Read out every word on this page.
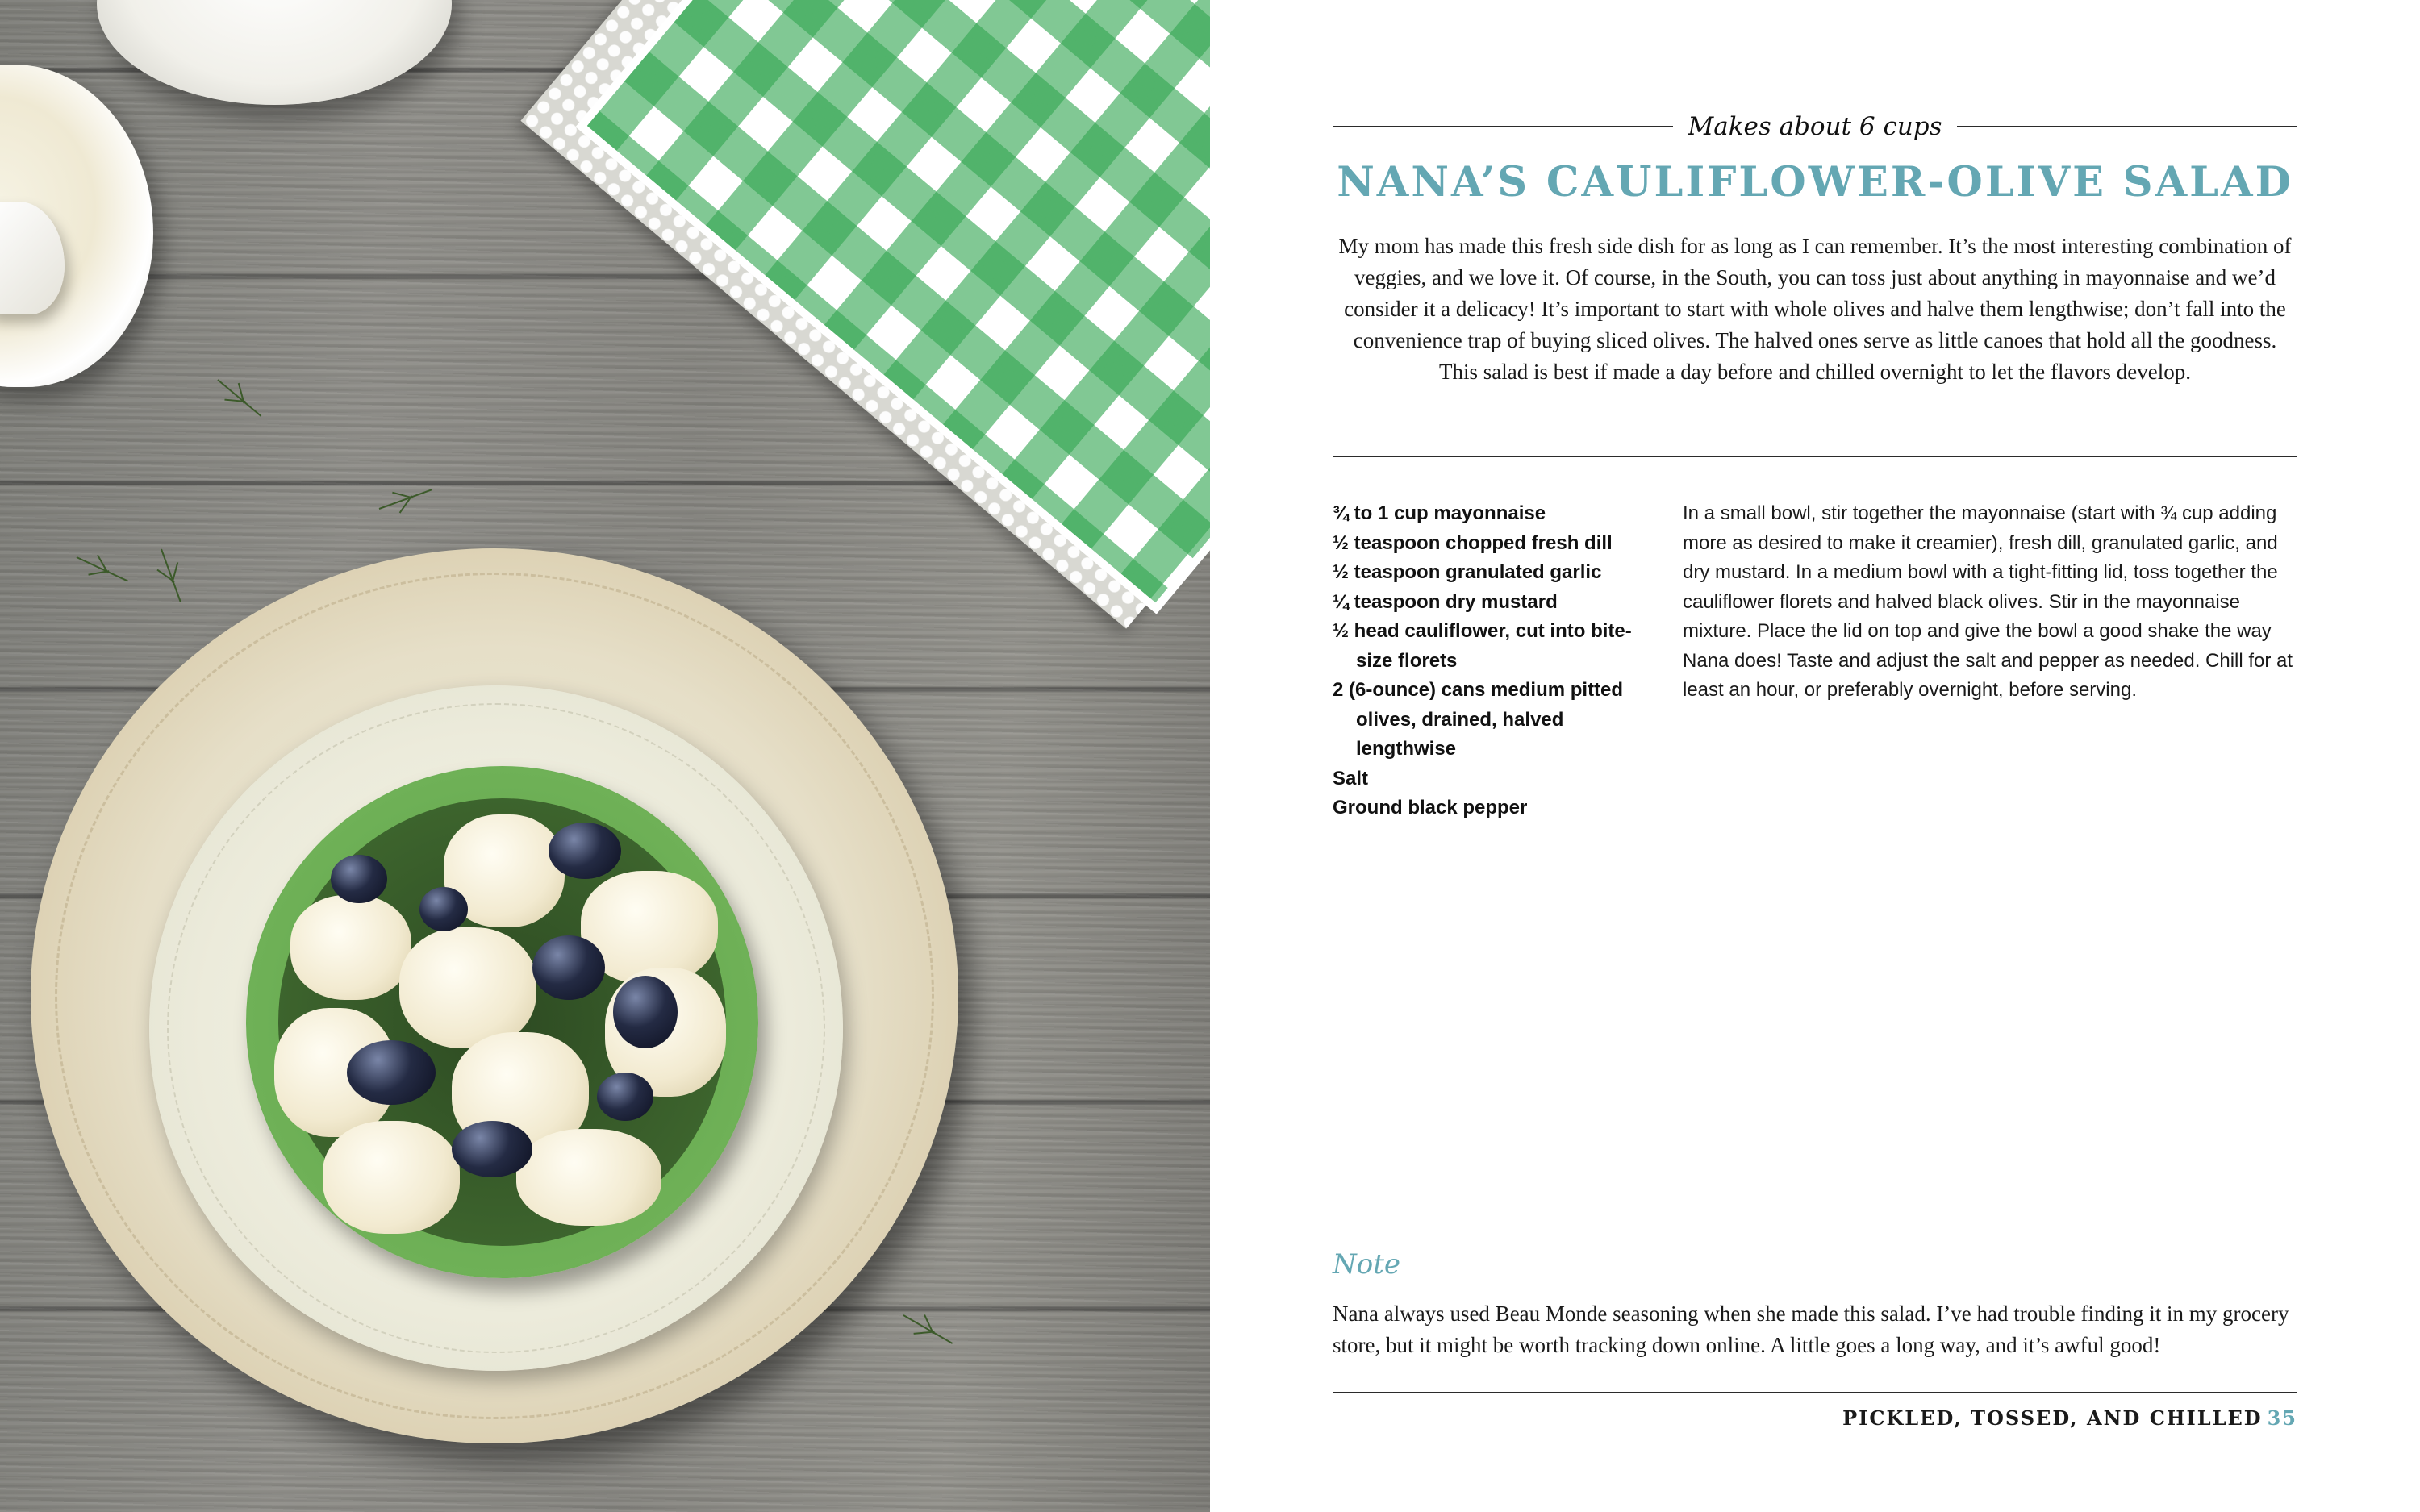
Makes about 6 cups
NANA’S CAULIFLOWER-OLIVE SALAD

My mom has made this fresh side dish for as long as I can remember. It’s the most interesting combination of veggies, and we love it. Of course, in the South, you can toss just about anything in mayonnaise and we’d consider it a delicacy! It’s important to start with whole olives and halve them lengthwise; don’t fall into the convenience trap of buying sliced olives. The halved ones serve as little canoes that hold all the goodness. This salad is best if made a day before and chilled overnight to let the flavors develop.

¾ to 1 cup mayonnaise
½ teaspoon chopped fresh dill
½ teaspoon granulated garlic
¼ teaspoon dry mustard
½ head cauliflower, cut into bite-size florets
2 (6-ounce) cans medium pitted olives, drained, halved lengthwise
Salt
Ground black pepper

In a small bowl, stir together the mayonnaise (start with ¾ cup adding more as desired to make it creamier), fresh dill, granulated garlic, and dry mustard. In a medium bowl with a tight-fitting lid, toss together the cauliflower florets and halved black olives. Stir in the mayonnaise mixture. Place the lid on top and give the bowl a good shake the way Nana does! Taste and adjust the salt and pepper as needed. Chill for at least an hour, or preferably overnight, before serving.

Note

Nana always used Beau Monde seasoning when she made this salad. I’ve had trouble finding it in my grocery store, but it might be worth tracking down online. A little goes a long way, and it’s awful good!

PICKLED, TOSSED, AND CHILLED 35
